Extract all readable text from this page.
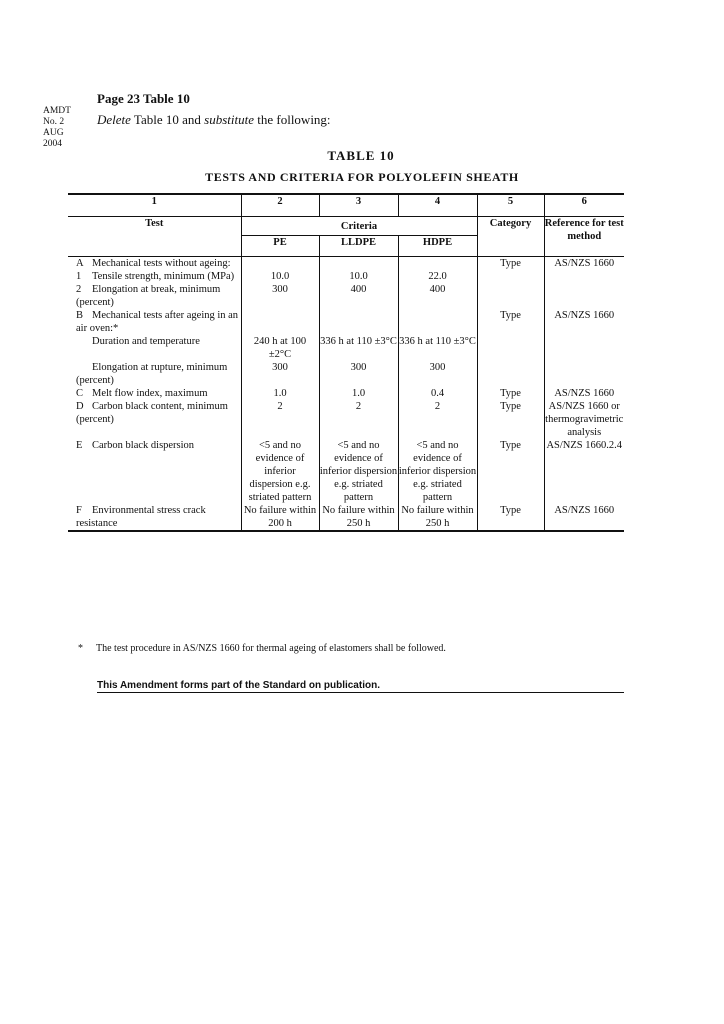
AMDT
No. 2
AUG
2004
Page 23 Table 10
Delete Table 10 and substitute the following:
TABLE 10
TESTS AND CRITERIA FOR POLYOLEFIN SHEATH
1	2	3	4	5	6
Test	Criteria			Category	Reference for test method
	PE	LLDPE	HDPE		
A Mechanical tests without ageing:				Type	AS/NZS 1660
1 Tensile strength, minimum (MPa)	10.0	10.0	22.0		
2 Elongation at break, minimum (percent)	300	400	400		
B Mechanical tests after ageing in an air oven:*				Type	AS/NZS 1660
Duration and temperature	240 h at 100 ±2°C	336 h at 110 ±3°C	336 h at 110 ±3°C		
Elongation at rupture, minimum (percent)	300	300	300		
C Melt flow index, maximum	1.0	1.0	0.4	Type	AS/NZS 1660
D Carbon black content, minimum (percent)	2	2	2	Type	AS/NZS 1660 or thermogravimetric analysis
E Carbon black dispersion	<5 and no evidence of inferior dispersion e.g. striated pattern	<5 and no evidence of inferior dispersion e.g. striated pattern	<5 and no evidence of inferior dispersion e.g. striated pattern	Type	AS/NZS 1660.2.4
F Environmental stress crack resistance	No failure within 200 h	No failure within 250 h	No failure within 250 h	Type	AS/NZS 1660
* The test procedure in AS/NZS 1660 for thermal ageing of elastomers shall be followed.
This Amendment forms part of the Standard on publication.
